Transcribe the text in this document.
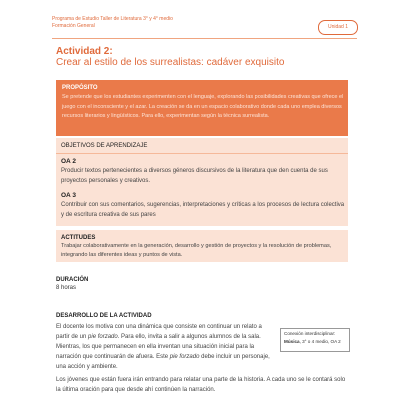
Programa de Estudio Taller de Literatura 3° y 4° medio
Formación General	Unidad 1
Actividad 2:
Crear al estilo de los surrealistas: cadáver exquisito
PROPÓSITO
Se pretende que los estudiantes experimenten con el lenguaje, explorando las posibilidades creativas que ofrece el juego con el inconsciente y el azar. La creación se da en un espacio colaborativo donde cada uno emplea diversos recursos literarios y lingüísticos. Para ello, experimentan según la técnica surrealista.
OBJETIVOS DE APRENDIZAJE
OA 2
Producir textos pertenecientes a diversos géneros discursivos de la literatura que den cuenta de sus proyectos personales y creativos.
OA 3
Contribuir con sus comentarios, sugerencias, interpretaciones y críticas a los procesos de lectura colectiva y de escritura creativa de sus pares
ACTITUDES
Trabajar colaborativamente en la generación, desarrollo y gestión de proyectos y la resolución de problemas, integrando las diferentes ideas y puntos de vista.
DURACIÓN
8 horas
DESARROLLO DE LA ACTIVIDAD
El docente los motiva con una dinámica que consiste en continuar un relato a partir de un pie forzado. Para ello, invita a salir a algunos alumnos de la sala. Mientras, los que permanecen en ella inventan una situación inicial para la narración que continuarán de afuera. Este pie forzado debe incluir un personaje, una acción y ambiente.
Conexión interdisciplinar:
Música, 3° o 4 medio, OA 2
Los jóvenes que están fuera irán entrando para relatar una parte de la historia. A cada uno se le contará solo la última oración para que desde ahí continúen la narración.
